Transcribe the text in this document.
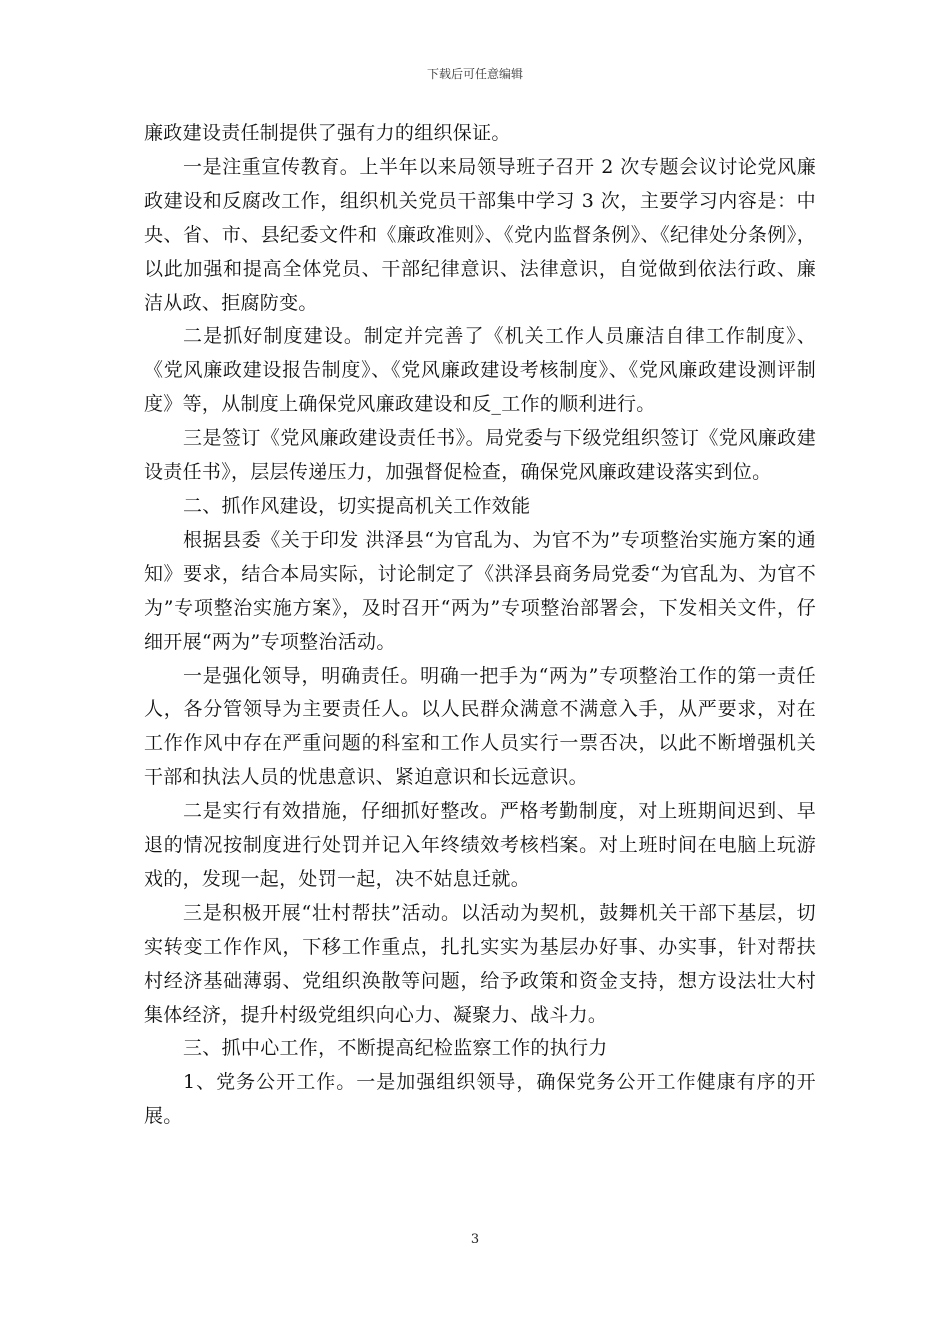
下载后可任意编辑

廉政建设责任制提供了强有力的组织保证。

一是注重宣传教育。上半年以来局领导班子召开 2 次专题会议讨论党风廉政建设和反腐改工作，组织机关党员干部集中学习 3 次，主要学习内容是：中央、省、市、县纪委文件和《廉政准则》、《党内监督条例》、《纪律处分条例》，以此加强和提高全体党员、干部纪律意识、法律意识，自觉做到依法行政、廉洁从政、拒腐防变。

二是抓好制度建设。制定并完善了《机关工作人员廉洁自律工作制度》、《党风廉政建设报告制度》、《党风廉政建设考核制度》、《党风廉政建设测评制度》等，从制度上确保党风廉政建设和反_工作的顺利进行。

三是签订《党风廉政建设责任书》。局党委与下级党组织签订《党风廉政建设责任书》，层层传递压力，加强督促检查，确保党风廉政建设落实到位。

二、抓作风建设，切实提高机关工作效能

根据县委《关于印发 洪泽县“为官乱为、为官不为”专项整治实施方案的通知》要求，结合本局实际，讨论制定了《洪泽县商务局党委“为官乱为、为官不为”专项整治实施方案》，及时召开“两为”专项整治部署会，下发相关文件，仔细开展“两为”专项整治活动。

一是强化领导，明确责任。明确一把手为“两为”专项整治工作的第一责任人，各分管领导为主要责任人。以人民群众满意不满意入手，从严要求，对在工作作风中存在严重问题的科室和工作人员实行一票否决，以此不断增强机关干部和执法人员的忧患意识、紧迫意识和长远意识。

二是实行有效措施，仔细抓好整改。严格考勤制度，对上班期间迟到、早退的情况按制度进行处罚并记入年终绩效考核档案。对上班时间在电脑上玩游戏的，发现一起，处罚一起，决不姑息迁就。

三是积极开展“壮村帮扶”活动。以活动为契机，鼓舞机关干部下基层，切实转变工作作风，下移工作重点，扎扎实实为基层办好事、办实事，针对帮扶村经济基础薄弱、党组织涣散等问题，给予政策和资金支持，想方设法壮大村集体经济，提升村级党组织向心力、凝聚力、战斗力。

三、抓中心工作，不断提高纪检监察工作的执行力

1、党务公开工作。一是加强组织领导，确保党务公开工作健康有序的开展。

3
